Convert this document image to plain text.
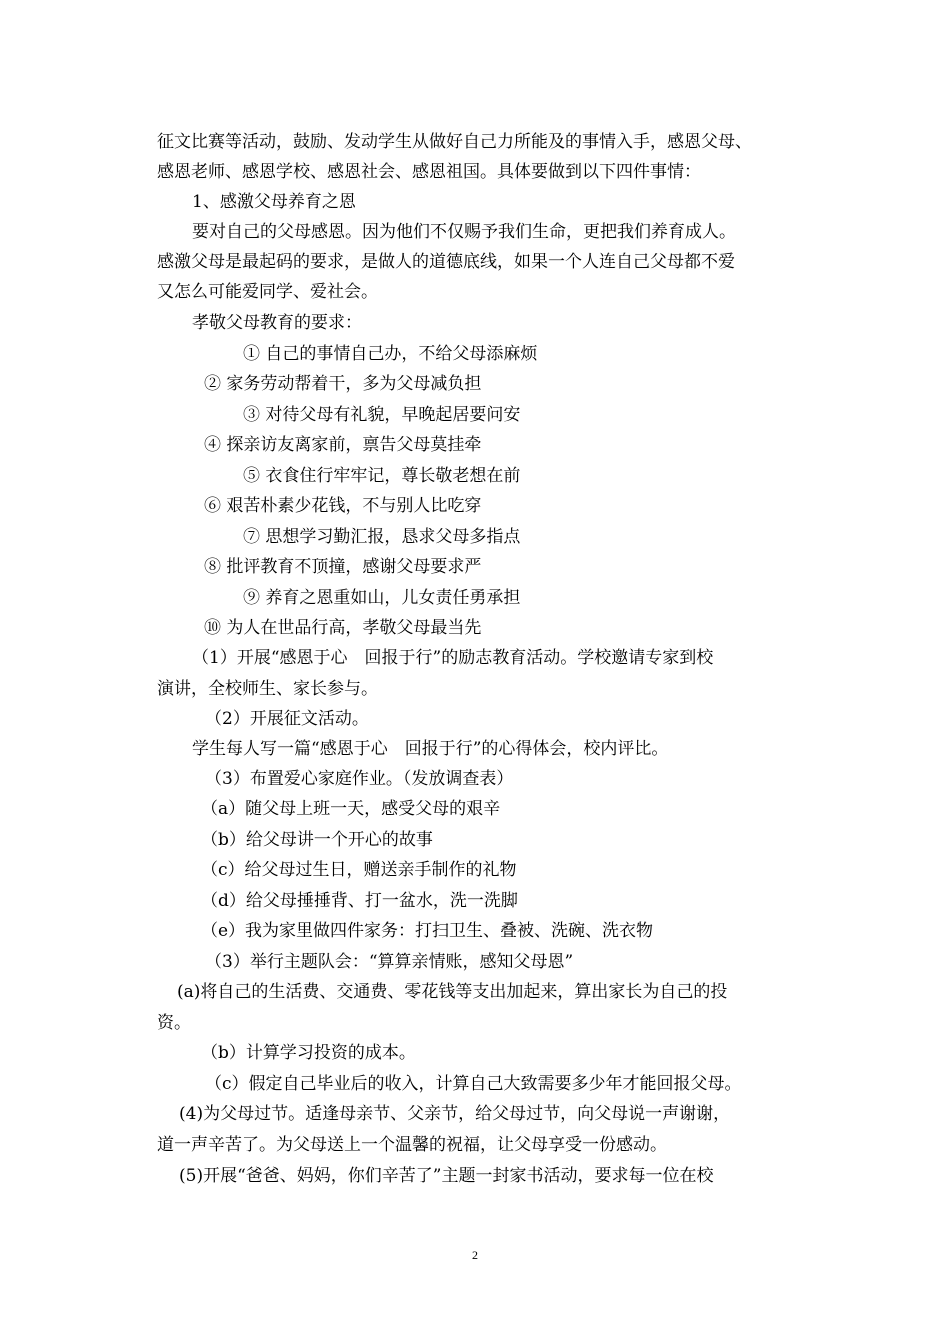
征文比赛等活动，鼓励、发动学生从做好自己力所能及的事情入手，感恩父母、
感恩老师、感恩学校、感恩社会、感恩祖国。具体要做到以下四件事情：
1、感激父母养育之恩
要对自己的父母感恩。因为他们不仅赐予我们生命，更把我们养育成人。
感激父母是最起码的要求，是做人的道德底线，如果一个人连自己父母都不爱
又怎么可能爱同学、爱社会。
孝敬父母教育的要求：
① 自己的事情自己办，不给父母添麻烦
② 家务劳动帮着干，多为父母减负担
③ 对待父母有礼貌，早晚起居要问安
④ 探亲访友离家前，禀告父母莫挂牵
⑤ 衣食住行牢牢记，尊长敬老想在前
⑥ 艰苦朴素少花钱，不与别人比吃穿
⑦ 思想学习勤汇报，恳求父母多指点
⑧ 批评教育不顶撞，感谢父母要求严
⑨ 养育之恩重如山，儿女责任勇承担
⑩ 为人在世品行高，孝敬父母最当先
（1）开展“感恩于心　回报于行”的励志教育活动。学校邀请专家到校
演讲，全校师生、家长参与。
（2）开展征文活动。
学生每人写一篇“感恩于心　回报于行”的心得体会，校内评比。
（3）布置爱心家庭作业。（发放调查表）
（a）随父母上班一天，感受父母的艰辛
（b）给父母讲一个开心的故事
（c）给父母过生日，赠送亲手制作的礼物
（d）给父母捶捶背、打一盆水，洗一洗脚
（e）我为家里做四件家务：打扫卫生、叠被、洗碗、洗衣物
（3）举行主题队会：“算算亲情账，感知父母恩”
(a)将自己的生活费、交通费、零花钱等支出加起来，算出家长为自己的投
资。
（b）计算学习投资的成本。
（c）假定自己毕业后的收入，计算自己大致需要多少年才能回报父母。
(4)为父母过节。适逢母亲节、父亲节，给父母过节，向父母说一声谢谢，
道一声辛苦了。为父母送上一个温馨的祝福，让父母享受一份感动。
(5)开展“爸爸、妈妈，你们辛苦了”主题一封家书活动，要求每一位在校
2
